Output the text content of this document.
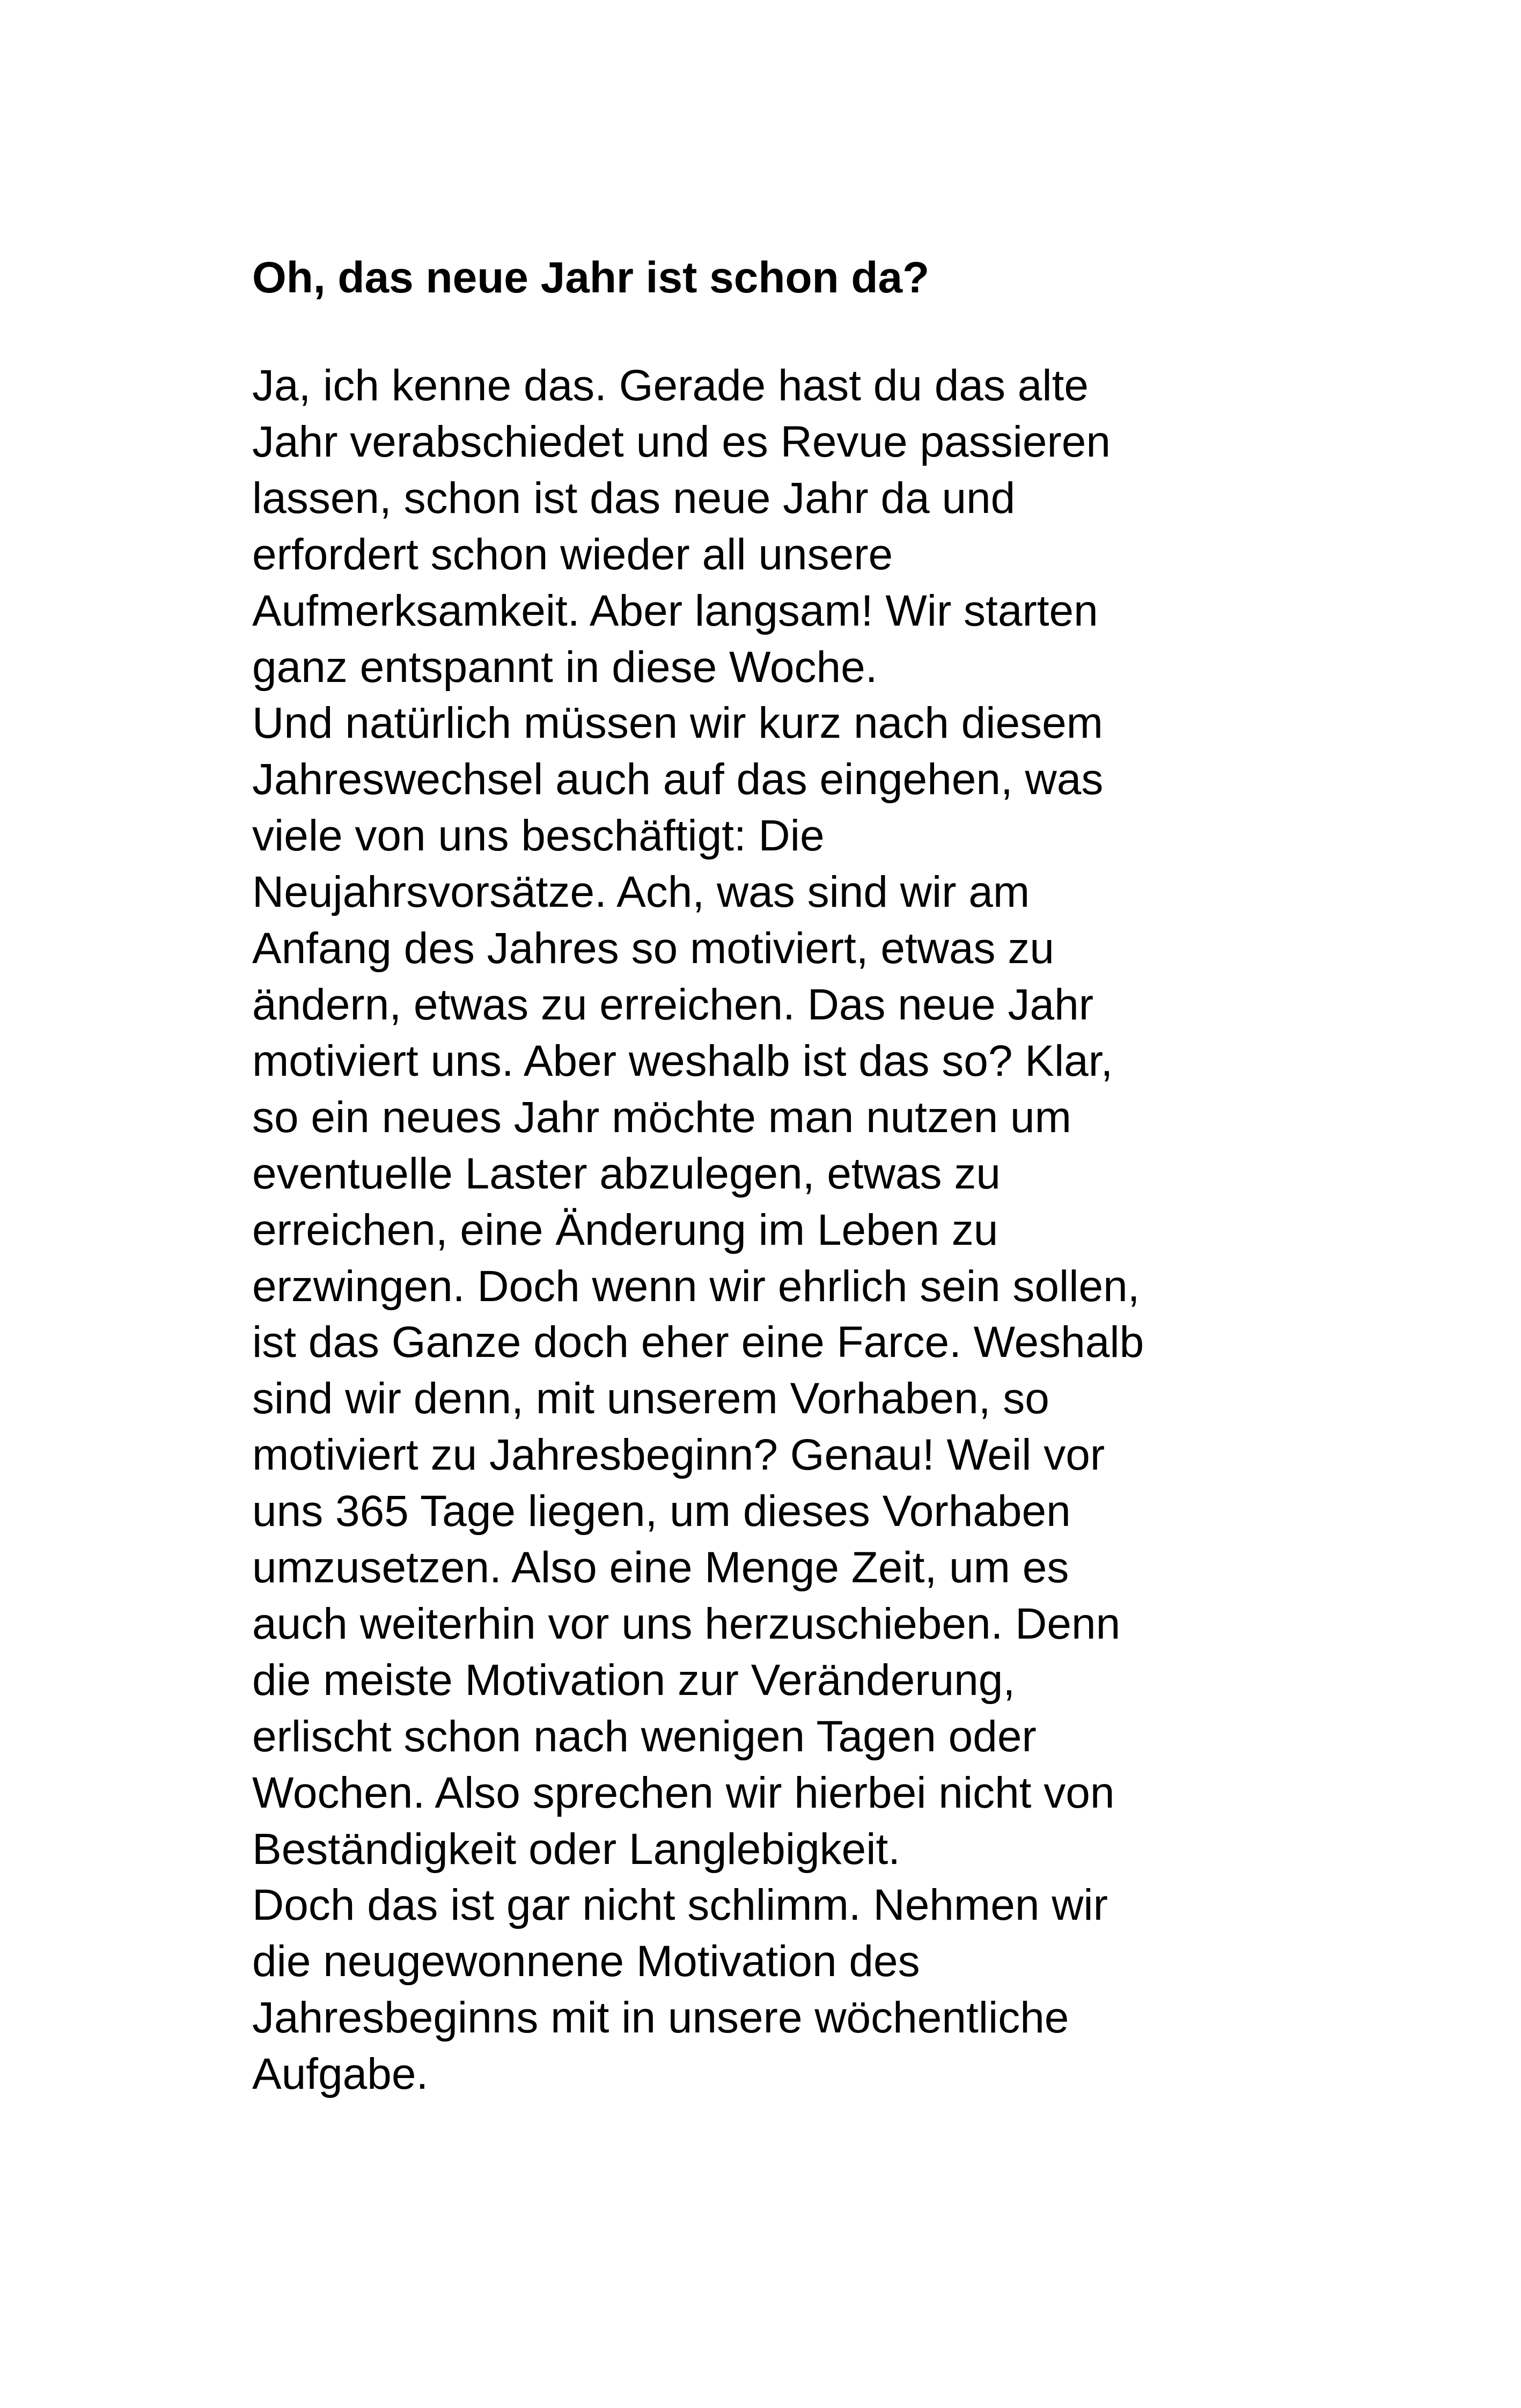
Oh, das neue Jahr ist schon da?
Ja, ich kenne das. Gerade hast du das alte
Jahr verabschiedet und es Revue passieren
lassen, schon ist das neue Jahr da und
erfordert schon wieder all unsere
Aufmerksamkeit. Aber langsam! Wir starten
ganz entspannt in diese Woche.
Und natürlich müssen wir kurz nach diesem
Jahreswechsel auch auf das eingehen, was
viele von uns beschäftigt: Die
Neujahrsvorsätze. Ach, was sind wir am
Anfang des Jahres so motiviert, etwas zu
ändern, etwas zu erreichen. Das neue Jahr
motiviert uns. Aber weshalb ist das so? Klar,
so ein neues Jahr möchte man nutzen um
eventuelle Laster abzulegen, etwas zu
erreichen, eine Änderung im Leben zu
erzwingen. Doch wenn wir ehrlich sein sollen,
ist das Ganze doch eher eine Farce. Weshalb
sind wir denn, mit unserem Vorhaben, so
motiviert zu Jahresbeginn? Genau! Weil vor
uns 365 Tage liegen, um dieses Vorhaben
umzusetzen. Also eine Menge Zeit, um es
auch weiterhin vor uns herzuschieben. Denn
die meiste Motivation zur Veränderung,
erlischt schon nach wenigen Tagen oder
Wochen. Also sprechen wir hierbei nicht von
Beständigkeit oder Langlebigkeit.
Doch das ist gar nicht schlimm. Nehmen wir
die neugewonnene Motivation des
Jahresbeginns mit in unsere wöchentliche
Aufgabe.
